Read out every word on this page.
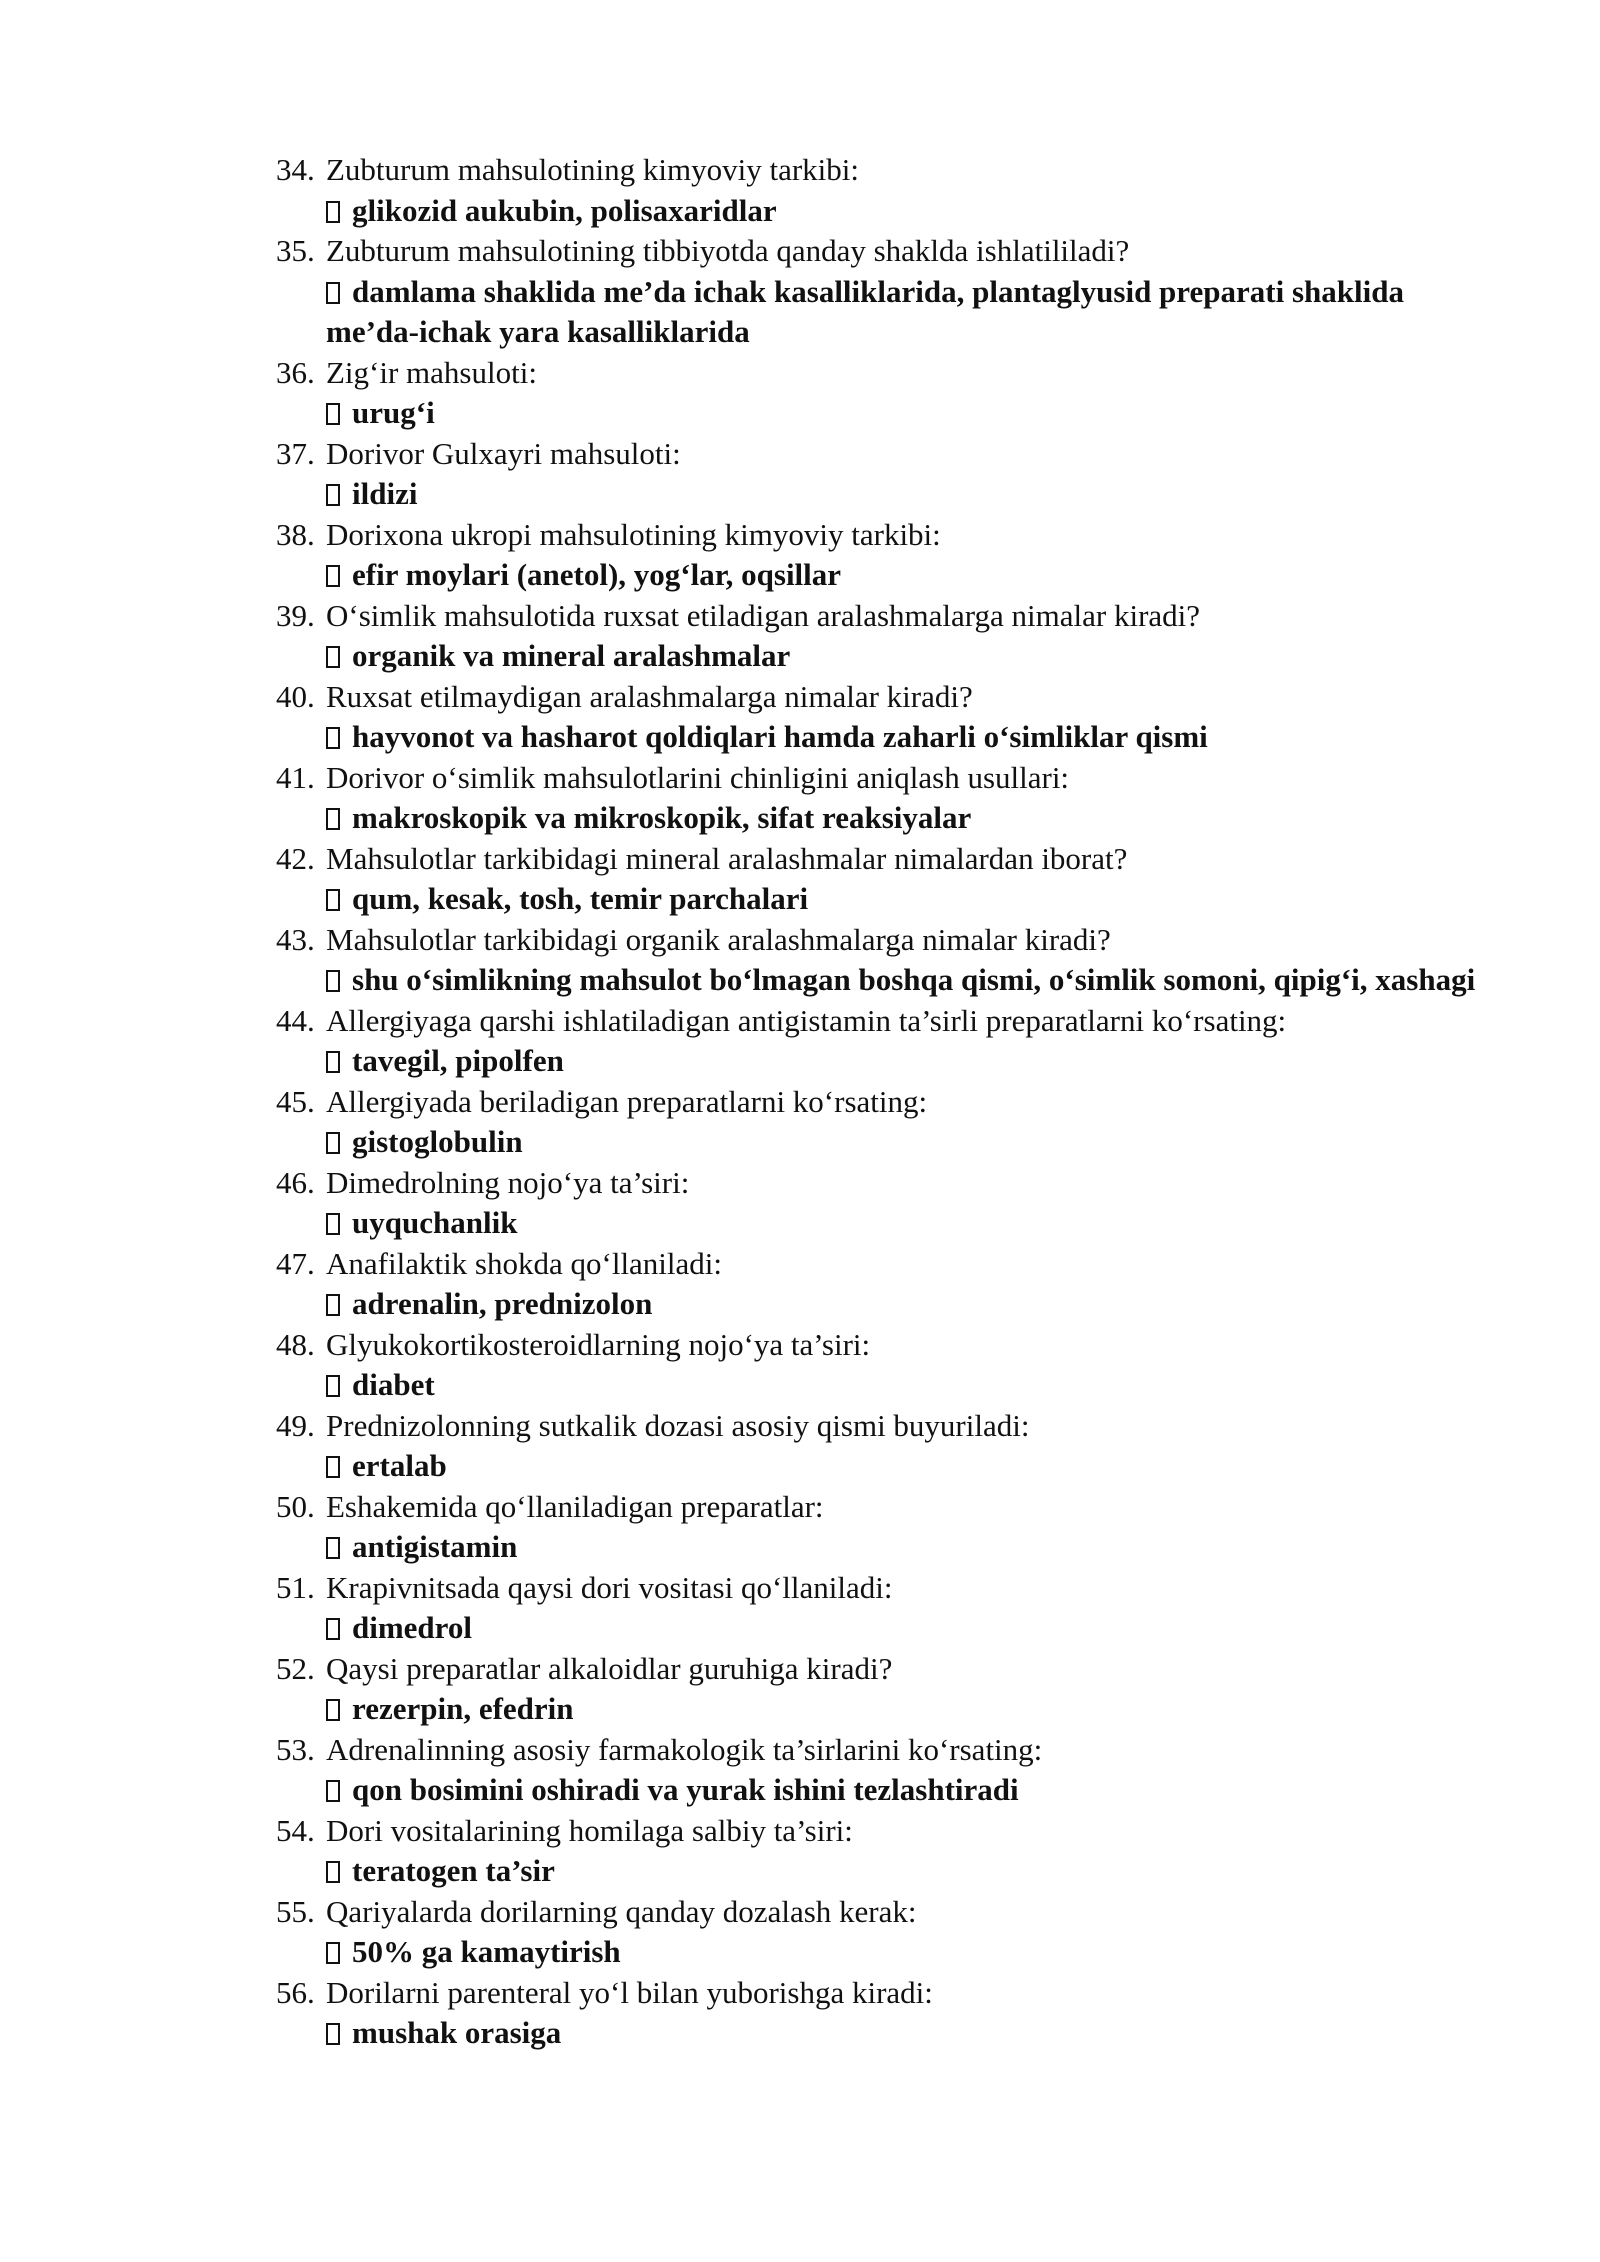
34. Zubturum mahsulotining kimyoviy tarkibi:
glikozid aukubin, polisaxaridlar
35. Zubturum mahsulotining tibbiyotda qanday shaklda ishlatililadi?
damlama shaklida me’da ichak kasalliklarida, plantaglyusid preparati shaklida me’da-ichak yara kasalliklarida
36. Zig‘ir mahsuloti:
urug‘i
37. Dorivor Gulxayri mahsuloti:
ildizi
38. Dorixona ukropi mahsulotining kimyoviy tarkibi:
efir moylari (anetol), yog‘lar, oqsillar
39. O‘simlik mahsulotida ruxsat etiladigan aralashmalarga nimalar kiradi?
organik va mineral aralashmalar
40. Ruxsat etilmaydigan aralashmalarga nimalar kiradi?
hayvonot va hasharot qoldiqlari hamda zaharli o‘simliklar qismi
41. Dorivor o‘simlik mahsulotlarini chinligini aniqlash usullari:
makroskopik va mikroskopik, sifat reaksiyalar
42. Mahsulotlar tarkibidagi mineral aralashmalar nimalardan iborat?
qum, kesak, tosh, temir parchalari
43. Mahsulotlar tarkibidagi organik aralashmalarga nimalar kiradi?
shu o‘simlikning mahsulot bo‘lmagan boshqa qismi, o‘simlik somoni, qipig‘i, xashagi
44. Allergiyaga qarshi ishlatiladigan antigistamin ta’sirli preparatlarni ko‘rsating:
tavegil, pipolfen
45. Allergiyada beriladigan preparatlarni ko‘rsating:
gistoglobulin
46. Dimedrolning nojo‘ya ta’siri:
uyquchanlik
47. Anafilaktik shokda qo‘llaniladi:
adrenalin, prednizolon
48. Glyukokortikosteroidlarning nojo‘ya ta’siri:
diabet
49. Prednizolonning sutkalik dozasi asosiy qismi buyuriladi:
ertalab
50. Eshakemida qo‘llaniladigan preparatlar:
antigistamin
51. Krapivnitsada qaysi dori vositasi qo‘llaniladi:
dimedrol
52. Qaysi preparatlar alkaloidlar guruhiga kiradi?
rezerpin, efedrin
53. Adrenalinning asosiy farmakologik ta’sirlarini ko‘rsating:
qon bosimini oshiradi va yurak ishini tezlashtiradi
54. Dori vositalarining homilaga salbiy ta’siri:
teratogen ta’sir
55. Qariyalarda dorilarning qanday dozalash kerak:
50% ga kamaytirish
56. Dorilarni parenteral yo‘l bilan yuborishga kiradi:
mushak orasiga
